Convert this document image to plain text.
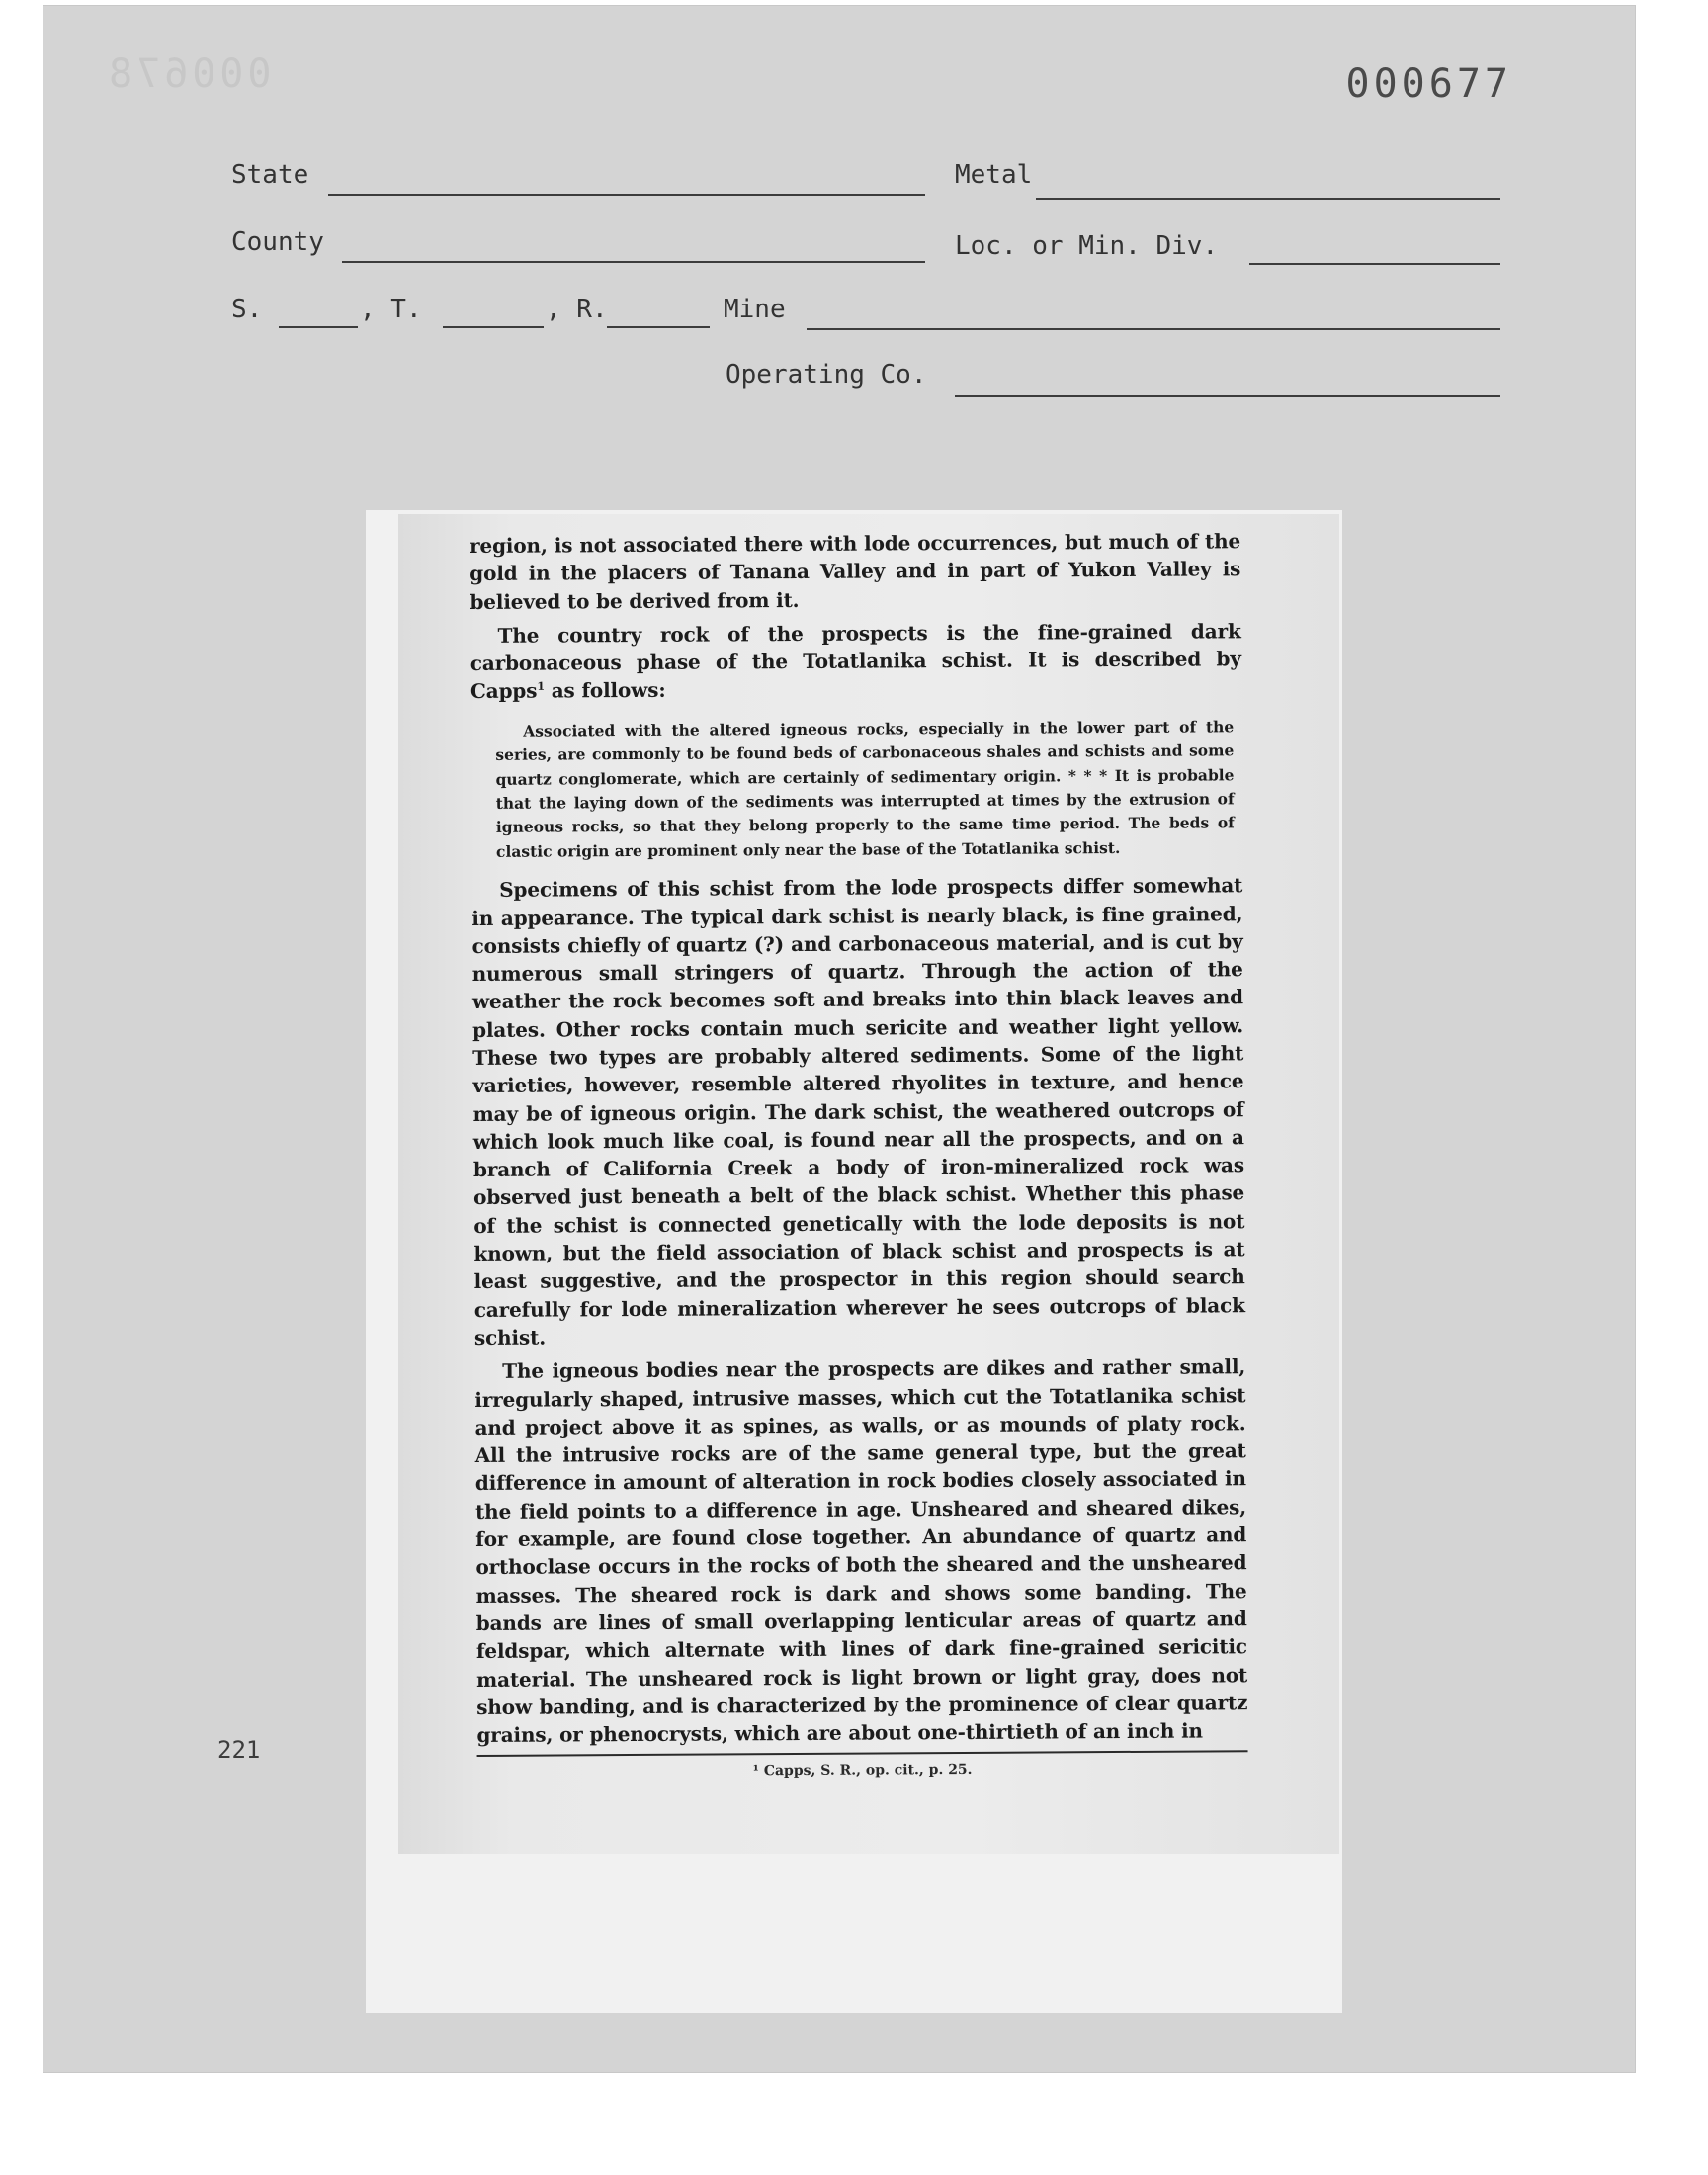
000678	000677
State	Metal
County	Loc. or Min. Div.
S.	, T.	, R.	Mine
Operating Co.
221

region, is not associated there with lode occurrences, but much of the gold in the placers of Tanana Valley and in part of Yukon Valley is believed to be derived from it.

The country rock of the prospects is the fine-grained dark carbonaceous phase of the Totatlanika schist. It is described by Capps$^1$ as follows:

Associated with the altered igneous rocks, especially in the lower part of the series, are commonly to be found beds of carbonaceous shales and schists and some quartz conglomerate, which are certainly of sedimentary origin. * * * It is probable that the laying down of the sediments was interrupted at times by the extrusion of igneous rocks, so that they belong properly to the same time period. The beds of clastic origin are prominent only near the base of the Totatlanika schist.

Specimens of this schist from the lode prospects differ somewhat in appearance. The typical dark schist is nearly black, is fine grained, consists chiefly of quartz (?) and carbonaceous material, and is cut by numerous small stringers of quartz. Through the action of the weather the rock becomes soft and breaks into thin black leaves and plates. Other rocks contain much sericite and weather light yellow. These two types are probably altered sediments. Some of the light varieties, however, resemble altered rhyolites in texture, and hence may be of igneous origin. The dark schist, the weathered outcrops of which look much like coal, is found near all the prospects, and on a branch of California Creek a body of iron-mineralized rock was observed just beneath a belt of the black schist. Whether this phase of the schist is connected genetically with the lode deposits is not known, but the field association of black schist and prospects is at least suggestive, and the prospector in this region should search carefully for lode mineralization wherever he sees outcrops of black schist.

The igneous bodies near the prospects are dikes and rather small, irregularly shaped, intrusive masses, which cut the Totatlanika schist and project above it as spines, as walls, or as mounds of platy rock. All the intrusive rocks are of the same general type, but the great difference in amount of alteration in rock bodies closely associated in the field points to a difference in age. Unsheared and sheared dikes, for example, are found close together. An abundance of quartz and orthoclase occurs in the rocks of both the sheared and the unsheared masses. The sheared rock is dark and shows some banding. The bands are lines of small overlapping lenticular areas of quartz and feldspar, which alternate with lines of dark fine-grained sericitic material. The unsheared rock is light brown or light gray, does not show banding, and is characterized by the prominence of clear quartz grains, or phenocrysts, which are about one-thirtieth of an inch in

¹ Capps, S. R., op. cit., p. 25.
